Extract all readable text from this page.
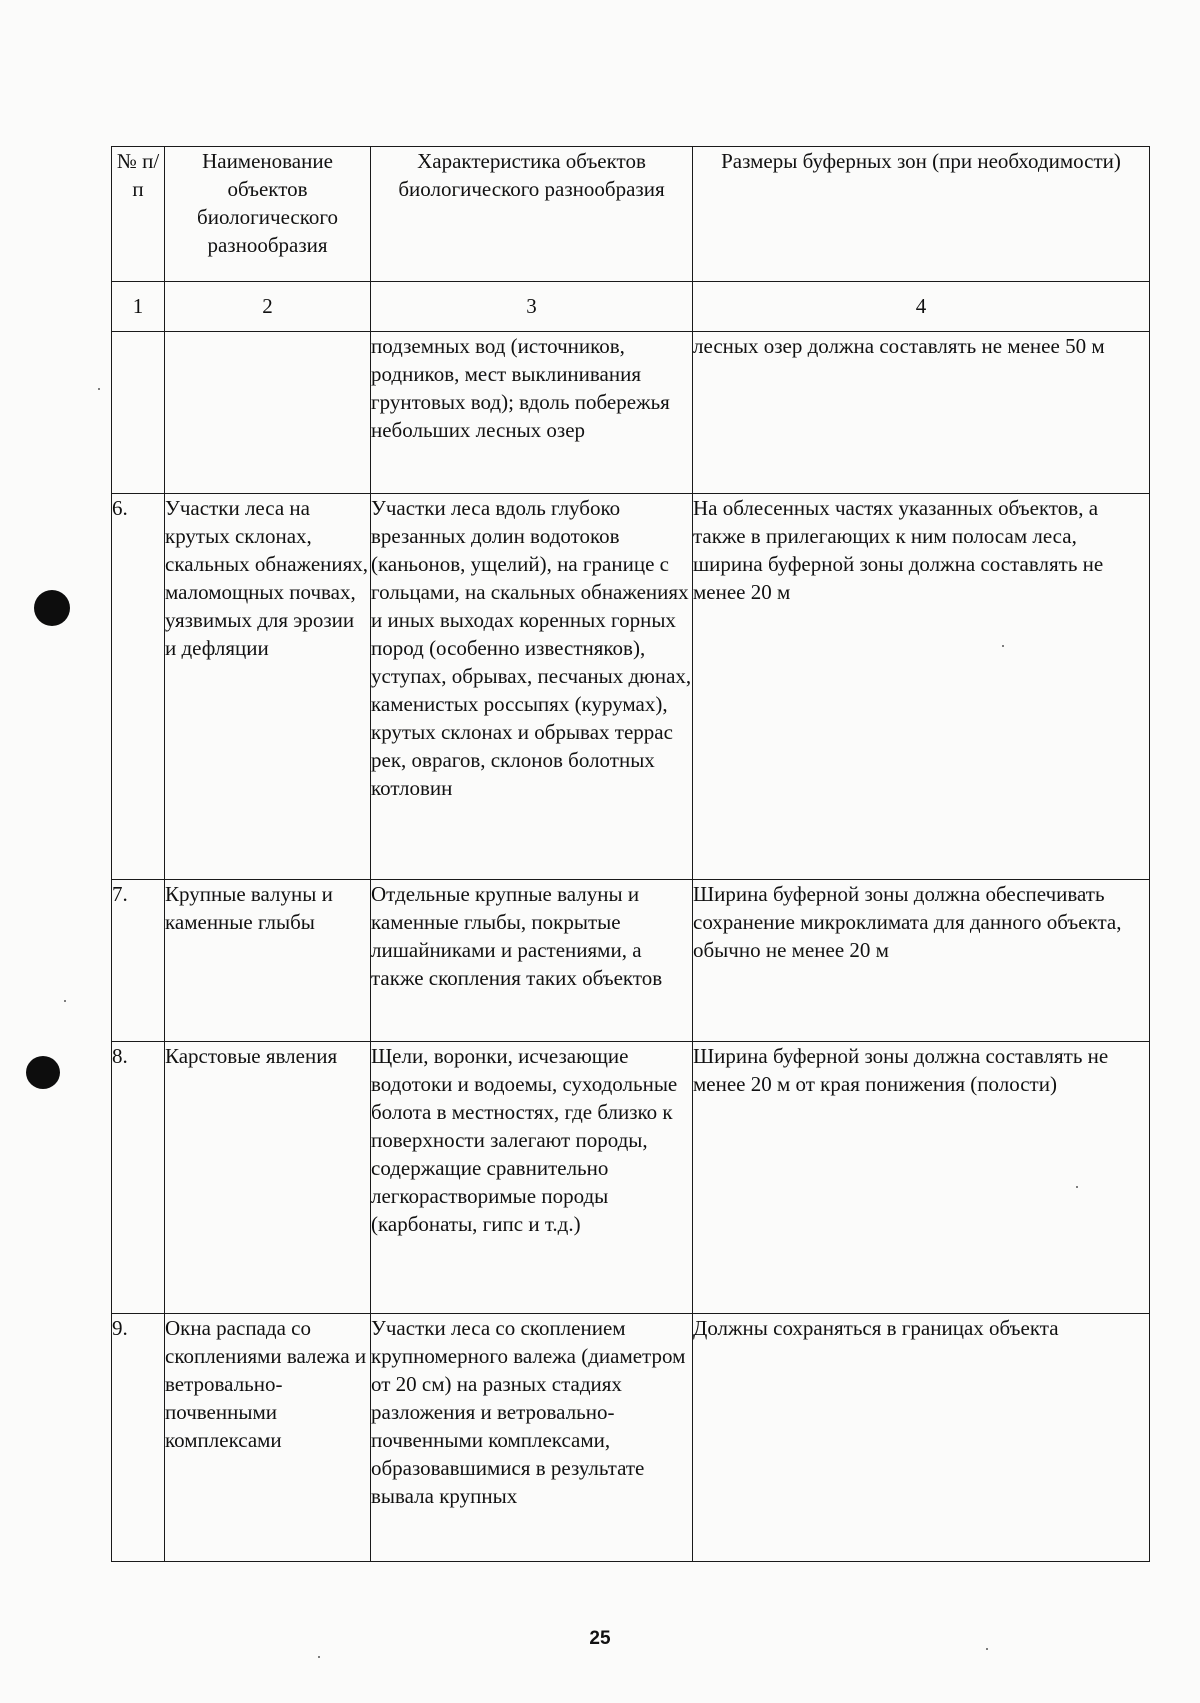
№ п/п	Наименование объектов биологического разнообразия	Характеристика объектов биологического разнообразия	Размеры буферных зон (при необходимости)
1	2	3	4
		подземных вод (источников, родников, мест выклинивания грунтовых вод); вдоль побережья небольших лесных озер	лесных озер должна составлять не менее 50 м
6.	Участки леса на крутых склонах, скальных обнажениях, маломощных почвах, уязвимых для эрозии и дефляции	Участки леса вдоль глубоко врезанных долин водотоков (каньонов, ущелий), на границе с гольцами, на скальных обнажениях и иных выходах коренных горных пород (особенно известняков), уступах, обрывах, песчаных дюнах, каменистых россыпях (курумах), крутых склонах и обрывах террас рек, оврагов, склонов болотных котловин	На облесенных частях указанных объектов, а также в прилегающих к ним полосам леса, ширина буферной зоны должна составлять не менее 20 м
7.	Крупные валуны и каменные глыбы	Отдельные крупные валуны и каменные глыбы, покрытые лишайниками и растениями, а также скопления таких объектов	Ширина буферной зоны должна обеспечивать сохранение микроклимата для данного объекта, обычно не менее 20 м
8.	Карстовые явления	Щели, воронки, исчезающие водотоки и водоемы, суходольные болота в местностях, где близко к поверхности залегают породы, содержащие сравнительно легкорастворимые породы (карбонаты, гипс и т.д.)	Ширина буферной зоны должна составлять не менее 20 м от края понижения (полости)
9.	Окна распада со скоплениями валежа и ветровально-почвенными комплексами	Участки леса со скоплением крупномерного валежа (диаметром от 20 см) на разных стадиях разложения и ветровально-почвенными комплексами, образовавшимися в результате вывала крупных	Должны сохраняться в границах объекта
25
